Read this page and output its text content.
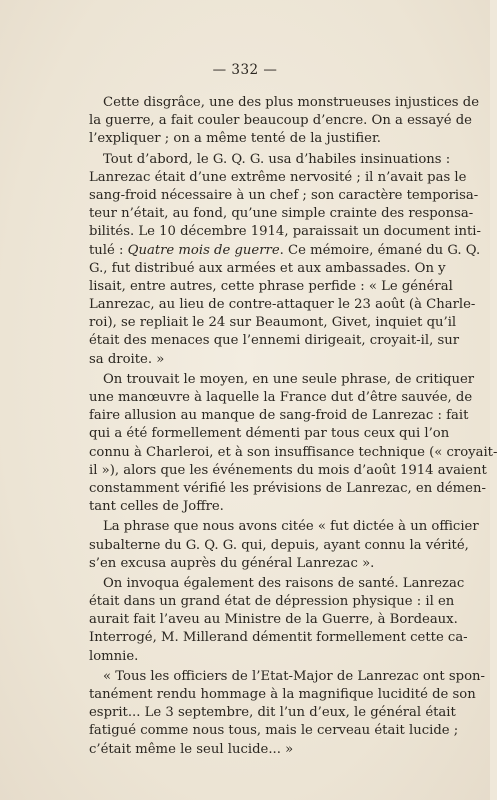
— 332 —
Cette disgrâce, une des plus monstrueuses injustices de
la guerre, a fait couler beaucoup d’encre. On a essayé de
l’expliquer ; on a même tenté de la justifier.
Tout d’abord, le G. Q. G. usa d’habiles insinuations :
Lanrezac était d’une extrême nervosité ; il n’avait pas le
sang-froid nécessaire à un chef ; son caractère temporisa-
teur n’était, au fond, qu’une simple crainte des responsa-
bilités. Le 10 décembre 1914, paraissait un document inti-
tulé : Quatre mois de guerre. Ce mémoire, émané du G. Q.
G., fut distribué aux armées et aux ambassades. On y
lisait, entre autres, cette phrase perfide : « Le général
Lanrezac, au lieu de contre-attaquer le 23 août (à Charle-
roi), se repliait le 24 sur Beaumont, Givet, inquiet qu’il
était des menaces que l’ennemi dirigeait, croyait-il, sur
sa droite. »
On trouvait le moyen, en une seule phrase, de critiquer
une manœuvre à laquelle la France dut d’être sauvée, de
faire allusion au manque de sang-froid de Lanrezac : fait
qui a été formellement démenti par tous ceux qui l’on
connu à Charleroi, et à son insuffisance technique (« croyait-
il »), alors que les événements du mois d’août 1914 avaient
constamment vérifié les prévisions de Lanrezac, en démen-
tant celles de Joffre.
La phrase que nous avons citée « fut dictée à un officier
subalterne du G. Q. G. qui, depuis, ayant connu la vérité,
s’en excusa auprès du général Lanrezac ».
On invoqua également des raisons de santé. Lanrezac
était dans un grand état de dépression physique : il en
aurait fait l’aveu au Ministre de la Guerre, à Bordeaux.
Interrogé, M. Millerand démentit formellement cette ca-
lomnie.
« Tous les officiers de l’Etat-Major de Lanrezac ont spon-
tanément rendu hommage à la magnifique lucidité de son
esprit... Le 3 septembre, dit l’un d’eux, le général était
fatigué comme nous tous, mais le cerveau était lucide ;
c’était même le seul lucide... »
